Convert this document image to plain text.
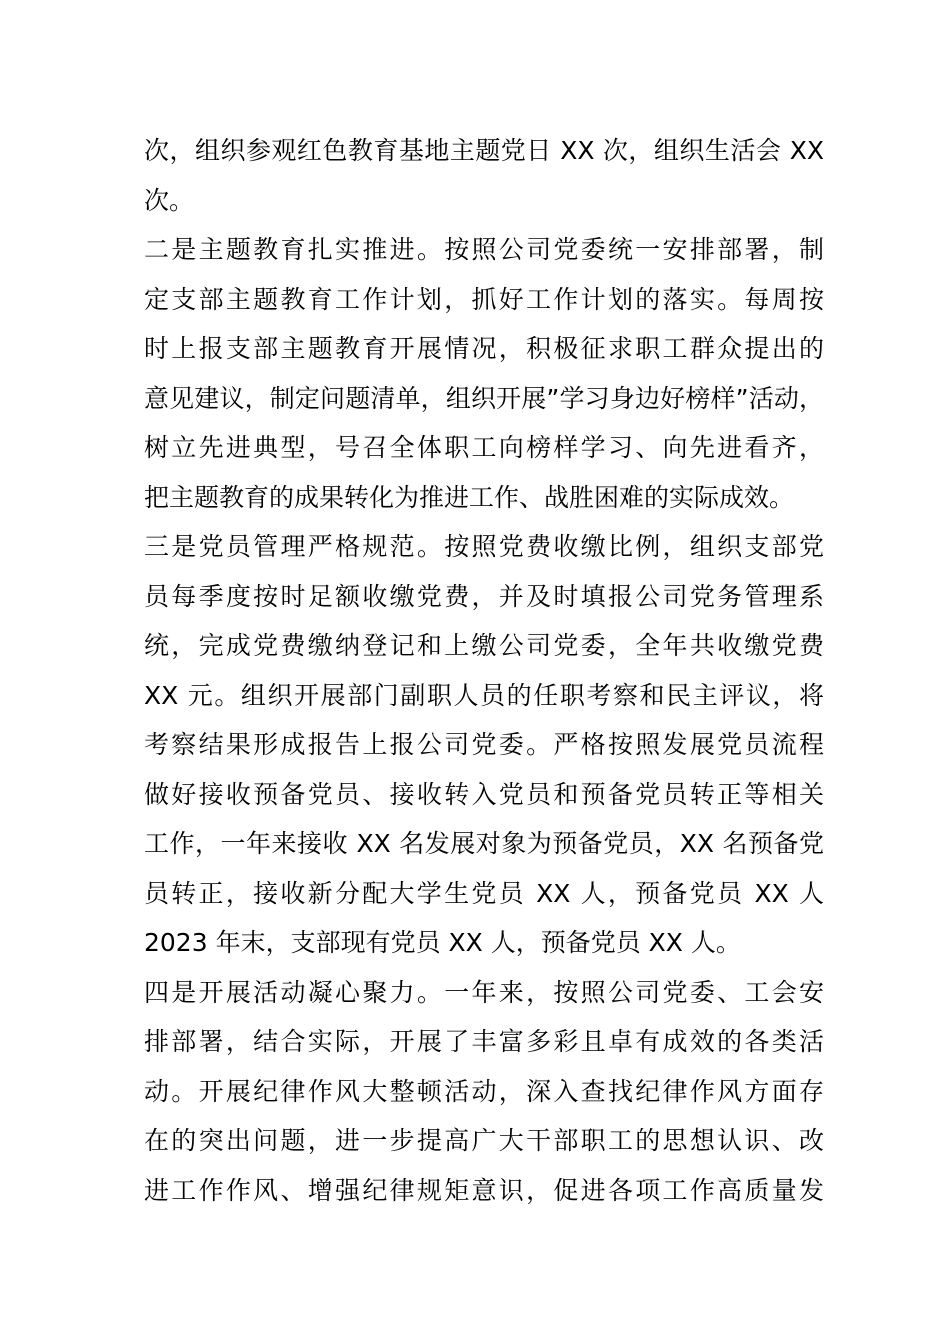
次，组织参观红色教育基地主题党日 XX 次，组织生活会 XX
次。
二是主题教育扎实推进。按照公司党委统一安排部署，制
定支部主题教育工作计划，抓好工作计划的落实。每周按
时上报支部主题教育开展情况，积极征求职工群众提出的
意见建议，制定问题清单，组织开展”学习身边好榜样”活动，
树立先进典型，号召全体职工向榜样学习、向先进看齐，
把主题教育的成果转化为推进工作、战胜困难的实际成效。
三是党员管理严格规范。按照党费收缴比例，组织支部党
员每季度按时足额收缴党费，并及时填报公司党务管理系
统，完成党费缴纳登记和上缴公司党委，全年共收缴党费
XX 元。组织开展部门副职人员的任职考察和民主评议，将
考察结果形成报告上报公司党委。严格按照发展党员流程
做好接收预备党员、接收转入党员和预备党员转正等相关
工作，一年来接收 XX 名发展对象为预备党员，XX 名预备党
员转正，接收新分配大学生党员 XX 人，预备党员 XX 人
2023 年末，支部现有党员 XX 人，预备党员 XX 人。
四是开展活动凝心聚力。一年来，按照公司党委、工会安
排部署，结合实际，开展了丰富多彩且卓有成效的各类活
动。开展纪律作风大整顿活动，深入查找纪律作风方面存
在的突出问题，进一步提高广大干部职工的思想认识、改
进工作作风、增强纪律规矩意识，促进各项工作高质量发
